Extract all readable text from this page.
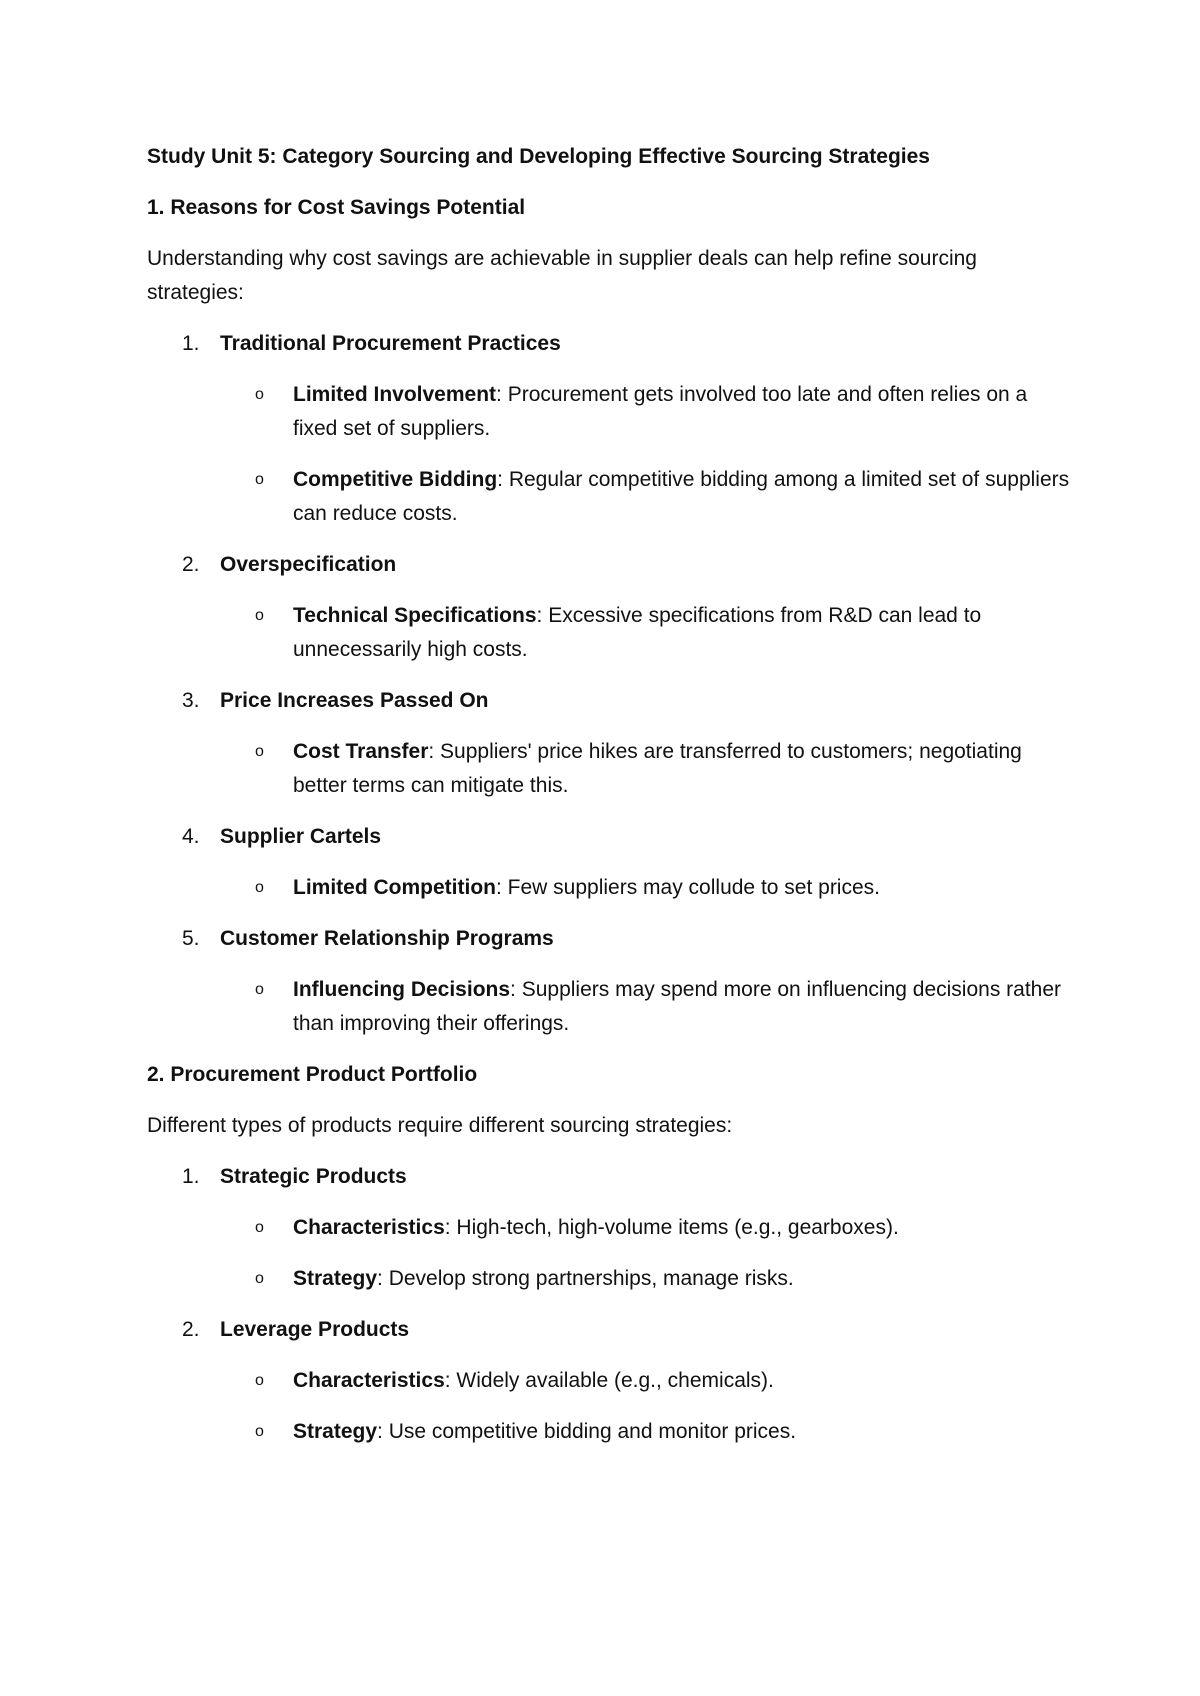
Study Unit 5: Category Sourcing and Developing Effective Sourcing Strategies
1. Reasons for Cost Savings Potential
Understanding why cost savings are achievable in supplier deals can help refine sourcing strategies:
1. Traditional Procurement Practices
o	Limited Involvement: Procurement gets involved too late and often relies on a fixed set of suppliers.
o	Competitive Bidding: Regular competitive bidding among a limited set of suppliers can reduce costs.
2. Overspecification
o	Technical Specifications: Excessive specifications from R&D can lead to unnecessarily high costs.
3. Price Increases Passed On
o	Cost Transfer: Suppliers' price hikes are transferred to customers; negotiating better terms can mitigate this.
4. Supplier Cartels
o	Limited Competition: Few suppliers may collude to set prices.
5. Customer Relationship Programs
o	Influencing Decisions: Suppliers may spend more on influencing decisions rather than improving their offerings.
2. Procurement Product Portfolio
Different types of products require different sourcing strategies:
1. Strategic Products
o	Characteristics: High-tech, high-volume items (e.g., gearboxes).
o	Strategy: Develop strong partnerships, manage risks.
2. Leverage Products
o	Characteristics: Widely available (e.g., chemicals).
o	Strategy: Use competitive bidding and monitor prices.
